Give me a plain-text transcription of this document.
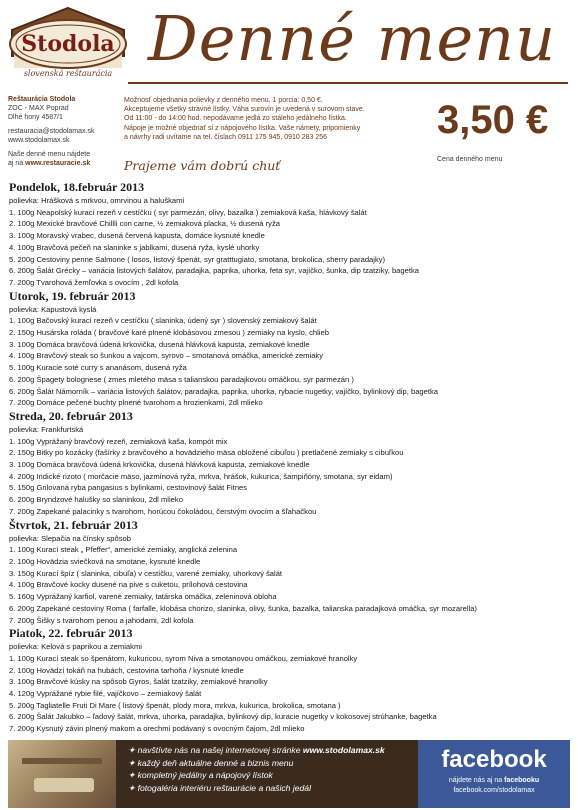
Stodola
slovenská reštaurácia Denné menu
Reštaurácia Stodola
ZOC - MAX Poprad
Dlhé hony 4587/1
restauracia@stodolamax.sk
www.stodolamax.sk
Naše denné menu nájdete
aj na www.restauracie.sk
Možnosť objednania polievky z denného menu, 1 porcia: 0,50 €.
Akceptujeme všetky stravné lístky. Váha surovín je uvedená v surovom stave.
Od 11:00 - do 14:00 hod. nepodávame jedlá zo stáleho jedálneho lístka.
Nápoje je možné objednať si z nápojového lístka. Vaše námety, pripomienky
a návrhy radi uvítame na tel. číslach 0911 175 945, 0910 283 256	3,50 €
Cena denného menu
Prajeme vám dobrú chuť
Pondelok, 18.február 2013
polievka: Hrášková s mrkvou, omrvinou a haluškami
1. 100g Neapolský kurací rezeň v cestíčku ( syr parmezán, olivy, bazalka ) zemiaková kaša, hlávkový šalát
2. 100g Mexické bravčové Chillli con carne, ½ zemiaková placka, ½ dusená ryža
3. 100g Moravský vrabec, dusená červená kapusta, domáce kysnuté knedle
4. 100g Bravčová pečeň na slaninke s jablkami, dusená ryža, kyslé uhorky
5. 200g Cestoviny penne Salmone ( losos, listový špenát, syr gratttugiato, smotana, brokolica, sherry paradajky)
6. 200g Šalát Grécky – variácia listových šalátov, paradajka, paprika, uhorka, feta syr, vajíčko, šunka, dip tzatziky, bagetka
7. 200g Tvarohová žemľovka s ovocím , 2dl kofola
Utorok, 19. február 2013
polievka: Kapustová kyslá
1. 100g Bačovský kurací rezeň v cestíčku ( slaninka, údený syr ) slovenský zemiakový šalát
2. 150g Husárska roláda ( bravčové karé plnené klobásovou zmesou ) zemiaky na kyslo, chlieb
3. 100g Domáca bravčová údená krkovička, dusená hlávková kapusta, zemiakové knedle
4. 100g Bravčový steak so šunkou a vajcom, syrovo – smotanová omáčka, americké zemiaky
5. 100g Kuracie soté curry s ananásom, dusená ryža
6. 200g Špagety bolognese ( zmes mletého mäsa s talianskou paradajkovou omáčkou, syr parmezán )
6. 200g Šalát Námorník – variácia listových šalátov, paradajka, paprika, uhorka, rybacie nugetky, vajíčko, bylinkový dip, bagetka
7. 200g Domáce pečené buchty plnené tvarohom a hrozienkami, 2dl mlieko
Streda, 20. február 2013
polievka: Frankfurtská
1. 100g Vyprážaný bravčový rezeň, zemiaková kaša, kompót mix
2. 150g Bitky po kozácky (fašírky z bravčového a hovädzieho mäsa obložené cibuľou ) pretlačené zemiaky s cibuľkou
3. 100g Domáca bravčová údená krkovička, dusená hlávková kapusta, zemiakové knedle
4. 200g Indické rizoto ( morčacie mäso, jazmínová ryža, mrkva, hrášok, kukurica, šampiňóny, smotana, syr eidam)
5. 150g Grilovaná ryba pangasius s bylinkami, cestovinový šalát Fitnes
6. 200g Bryndzové halušky so slaninkou, 2dl mlieko
7. 200g Zapekané palacinky s tvarohom, horúcou čokoládou, čerstvým ovocím a šľahačkou
Štvrtok, 21. február 2013
polievka: Slepačia na čínsky spôsob
1. 100g Kurací steak „ Pfeffer“, americké zemiaky, anglická zelenina
2. 100g Hovädzia sviečková na smotane, kysnuté knedle
3. 150g Kurací špíz ( slaninka, cibuľa) v cestíčku, varené zemiaky, uhorkový šalát
4. 100g Bravčové kocky dusené na pive s cuketou, prílohová cestovina
5. 160g Vyprážaný karfiol, varené zemiaky, tatárska omáčka, zeleninová obloha
6. 200g Zapekané cestoviny Roma ( farfalle, klobása chorizo, slaninka, olivy, šunka, bazalka, talianska paradajková omáčka, syr mozarella)
7. 200g Šišky s tvarohom penou a jahodami, 2dl kofola
Piatok, 22. február 2013
polievka: Kelová s paprikou a zemiakmi
1. 100g Kurací steak so špenátom, kukuricou, syrom Niva a smotanovou omáčkou, zemiakové hranolky
2. 100g Hovädzí tokáň na hubách, cestovina tarhoňa / kysnuté knedle
3. 100g Bravčové kúsky na spôsob Gyros, šalát tzatziky, zemiakové hranolky
4. 120g Vyprážané rybie filé, vajíčkovo – zemiakový šalát
5. 200g Tagliatelle Fruti Di Mare ( listový špenát, plody mora, mrkva, kukurica, brokolica, smotana )
6. 200g Šalát Jakubko – ľadový šalát, mrkva, uhorka, paradajka, bylinkový dip, kuracie nugetky v kokosovej strúhanke, bagetka
7. 200g Kysnutý závin plnený makom a orechmi podávaný s ovocným čajom, 2dl mlieko
✦ navštívte nás na našej internetovej stránke www.stodolamax.sk
✦ každý deň aktuálne denné a biznis menu
✦ kompletný jedálny a nápojový lístok
✦ fotogaléria interiéru reštaurácie a našich jedál
facebook
nájdete nás aj na facebooku
facebook.com/stodolamax
